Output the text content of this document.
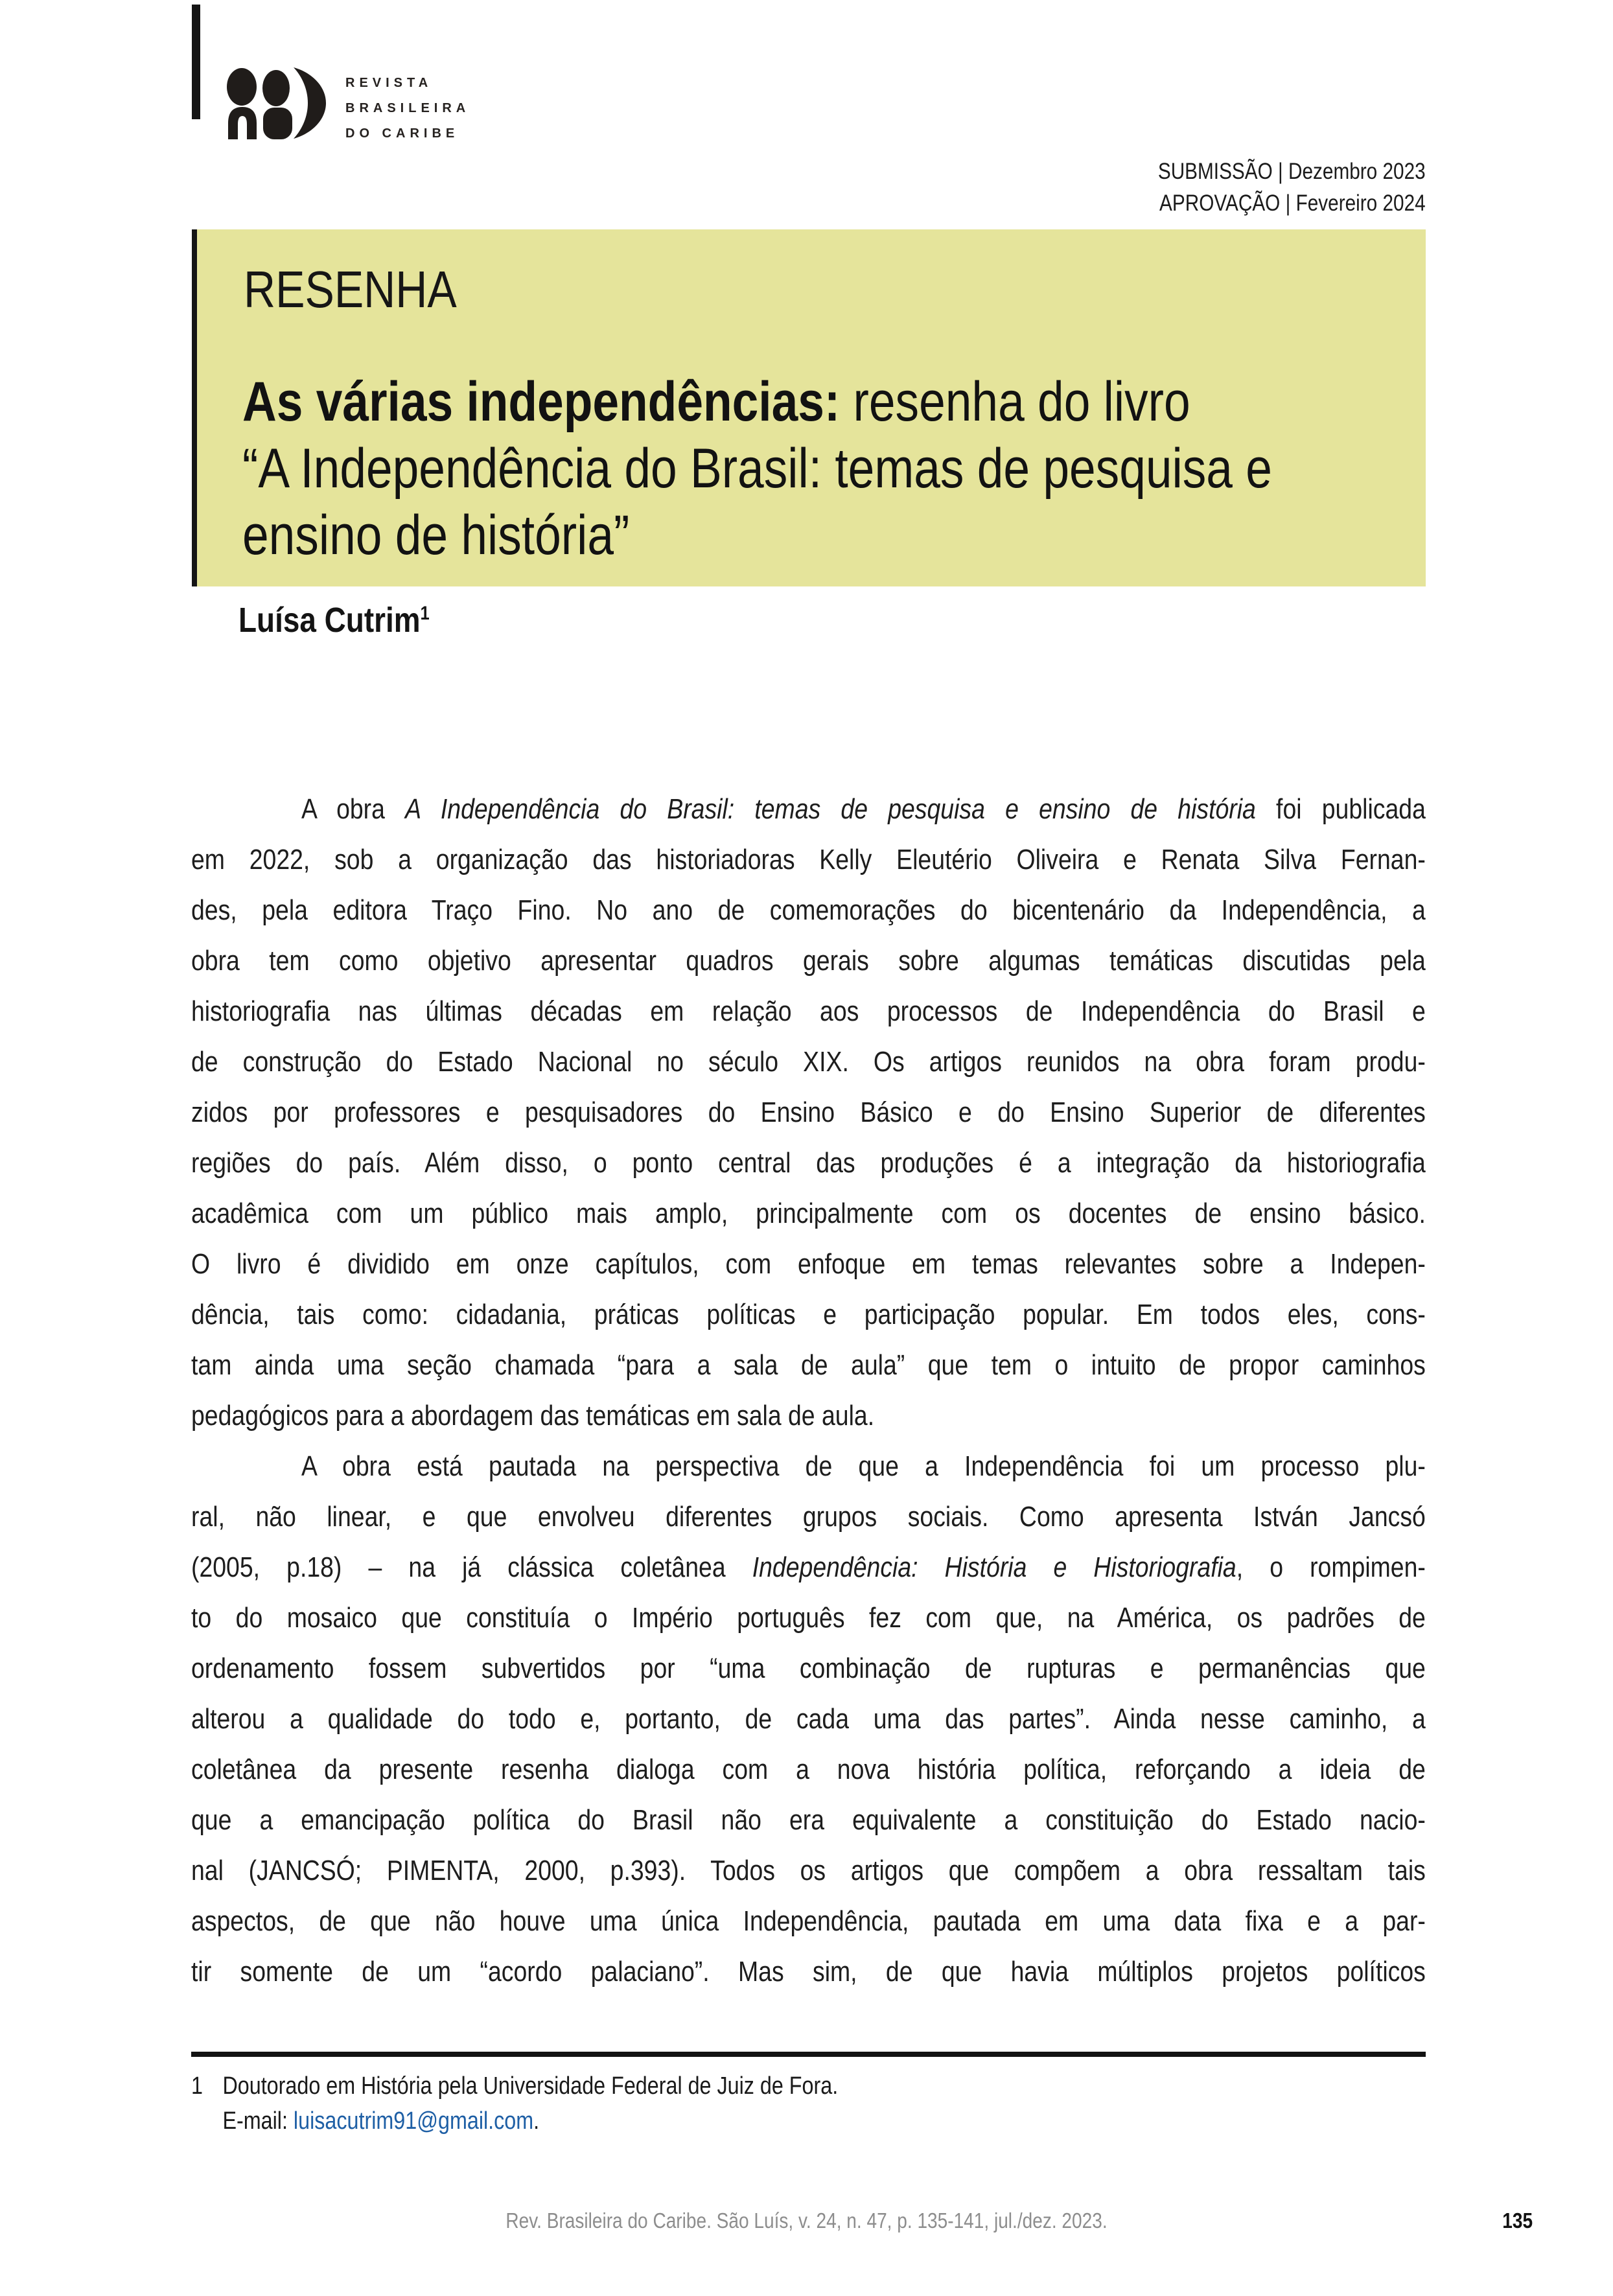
REVISTA
BRASILEIRA
DO CARIBE
SUBMISSÃO | Dezembro 2023
APROVAÇÃO | Fevereiro 2024
RESENHA
As várias independências: resenha do livro
“A Independência do Brasil: temas de pesquisa e
ensino de história”
Luísa Cutrim$^1$
A obra A Independência do Brasil: temas de pesquisa e ensino de história foi publicada
em 2022, sob a organização das historiadoras Kelly Eleutério Oliveira e Renata Silva Fernan-
des, pela editora Traço Fino. No ano de comemorações do bicentenário da Independência, a
obra tem como objetivo apresentar quadros gerais sobre algumas temáticas discutidas pela
historiografia nas últimas décadas em relação aos processos de Independência do Brasil e
de construção do Estado Nacional no século XIX. Os artigos reunidos na obra foram produ-
zidos por professores e pesquisadores do Ensino Básico e do Ensino Superior de diferentes
regiões do país. Além disso, o ponto central das produções é a integração da historiografia
acadêmica com um público mais amplo, principalmente com os docentes de ensino básico.
O livro é dividido em onze capítulos, com enfoque em temas relevantes sobre a Indepen-
dência, tais como: cidadania, práticas políticas e participação popular. Em todos eles, cons-
tam ainda uma seção chamada “para a sala de aula” que tem o intuito de propor caminhos
pedagógicos para a abordagem das temáticas em sala de aula.
A obra está pautada na perspectiva de que a Independência foi um processo plu-
ral, não linear, e que envolveu diferentes grupos sociais. Como apresenta István Jancsó
(2005, p.18) – na já clássica coletânea Independência: História e Historiografia, o rompimen-
to do mosaico que constituía o Império português fez com que, na América, os padrões de
ordenamento fossem subvertidos por “uma combinação de rupturas e permanências que
alterou a qualidade do todo e, portanto, de cada uma das partes”. Ainda nesse caminho, a
coletânea da presente resenha dialoga com a nova história política, reforçando a ideia de
que a emancipação política do Brasil não era equivalente a constituição do Estado nacio-
nal (JANCSÓ; PIMENTA, 2000, p.393). Todos os artigos que compõem a obra ressaltam tais
aspectos, de que não houve uma única Independência, pautada em uma data fixa e a par-
tir somente de um “acordo palaciano”. Mas sim, de que havia múltiplos projetos políticos
1 Doutorado em História pela Universidade Federal de Juiz de Fora.
E-mail: luisacutrim91@gmail.com.
Rev. Brasileira do Caribe. São Luís, v. 24, n. 47, p. 135-141, jul./dez. 2023.	135
